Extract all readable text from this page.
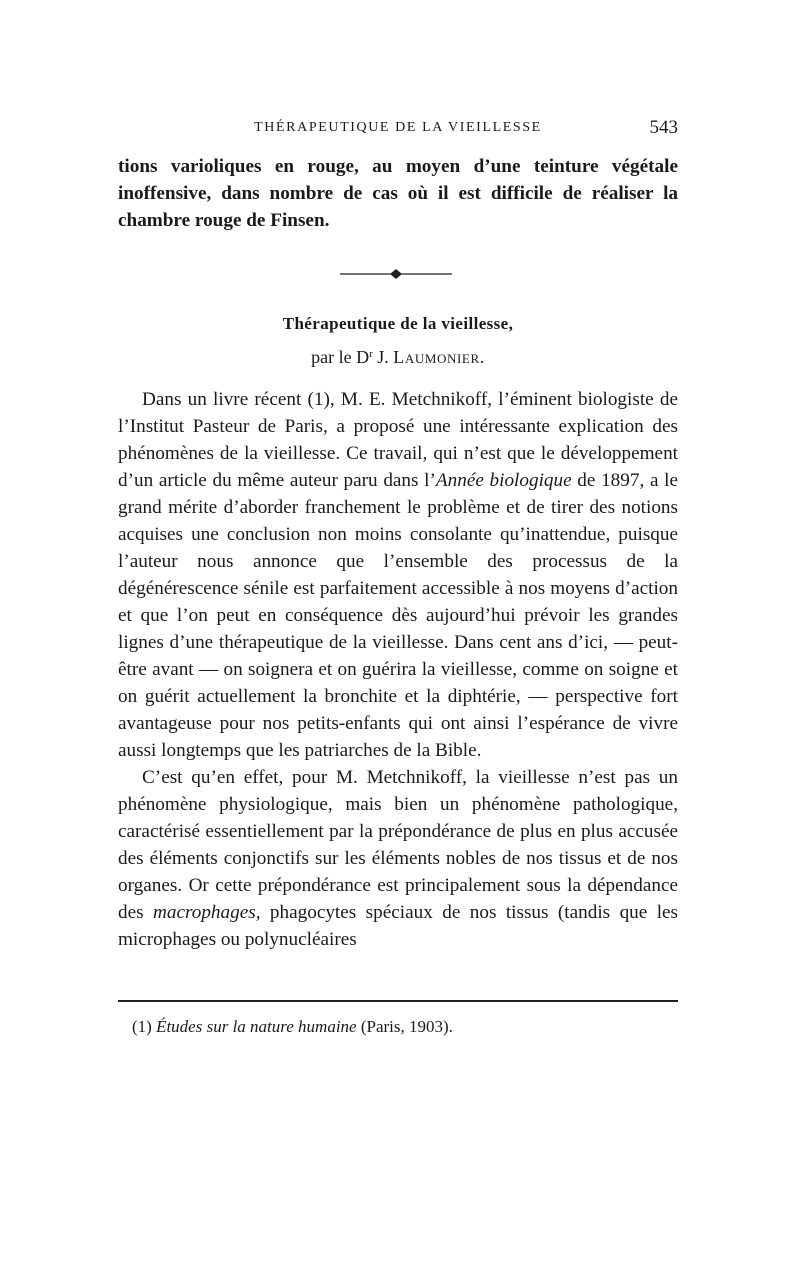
THÉRAPEUTIQUE DE LA VIEILLESSE	543

tions varioliques en rouge, au moyen d’une teinture végétale inoffensive, dans nombre de cas où il est difficile de réaliser la chambre rouge de Finsen.

Thérapeutique de la vieillesse,
par le $D^r$ J. Laumonier.

Dans un livre récent (1), M. E. Metchnikoff, l’éminent biologiste de l’Institut Pasteur de Paris, a proposé une intéressante explication des phénomènes de la vieillesse. Ce travail, qui n’est que le développement d’un article du même auteur paru dans l’Année biologique de 1897, a le grand mérite d’aborder franchement le problème et de tirer des notions acquises une conclusion non moins consolante qu’inattendue, puisque l’auteur nous annonce que l’ensemble des processus de la dégénérescence sénile est parfaitement accessible à nos moyens d’action et que l’on peut en conséquence dès aujourd’hui prévoir les grandes lignes d’une thérapeutique de la vieillesse. Dans cent ans d’ici, — peut-être avant — on soignera et on guérira la vieillesse, comme on soigne et on guérit actuellement la bronchite et la diphtérie, — perspective fort avantageuse pour nos petits-enfants qui ont ainsi l’espérance de vivre aussi longtemps que les patriarches de la Bible.

C’est qu’en effet, pour M. Metchnikoff, la vieillesse n’est pas un phénomène physiologique, mais bien un phénomène pathologique, caractérisé essentiellement par la prépondérance de plus en plus accusée des éléments conjonctifs sur les éléments nobles de nos tissus et de nos organes. Or cette prépondérance est principalement sous la dépendance des macrophages, phagocytes spéciaux de nos tissus (tandis que les microphages ou polynucléaires

(1) Études sur la nature humaine (Paris, 1903).
